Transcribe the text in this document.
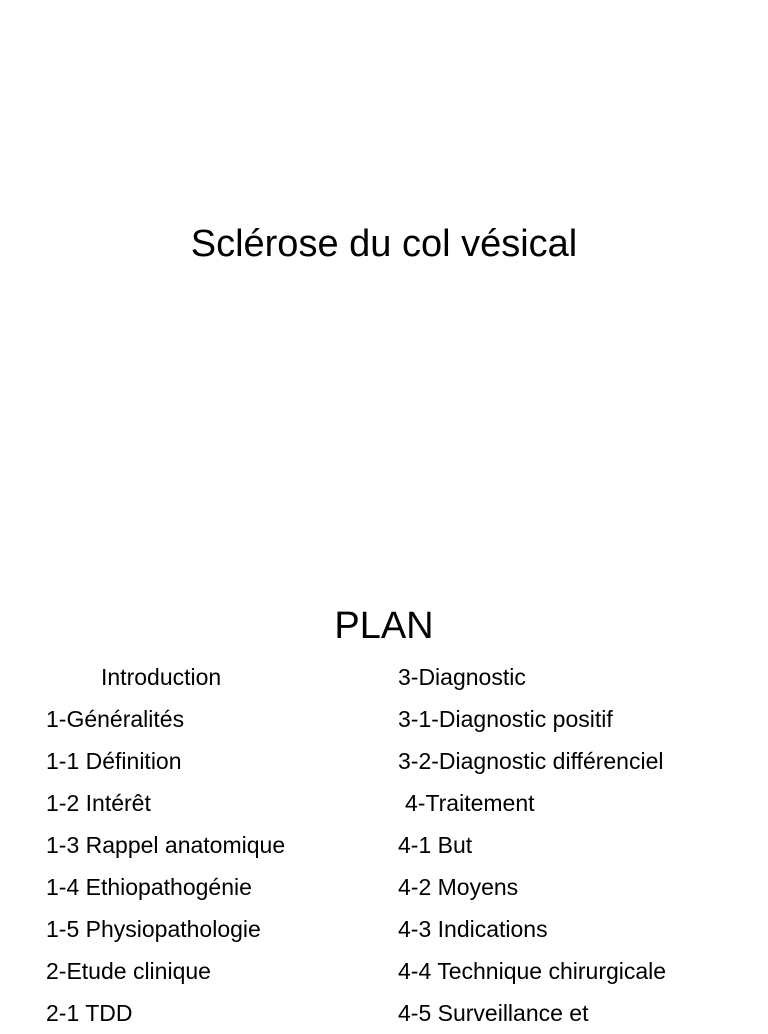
Sclérose du col vésical
PLAN
Introduction
1-Généralités
1-1 Définition
1-2 Intérêt
1-3 Rappel anatomique
1-4 Ethiopathogénie
1-5 Physiopathologie
2-Etude clinique
2-1 TDD
3-Diagnostic
3-1-Diagnostic positif
3-2-Diagnostic différenciel
4-Traitement
4-1 But
4-2 Moyens
4-3 Indications
4-4 Technique chirurgicale
4-5 Surveillance et
